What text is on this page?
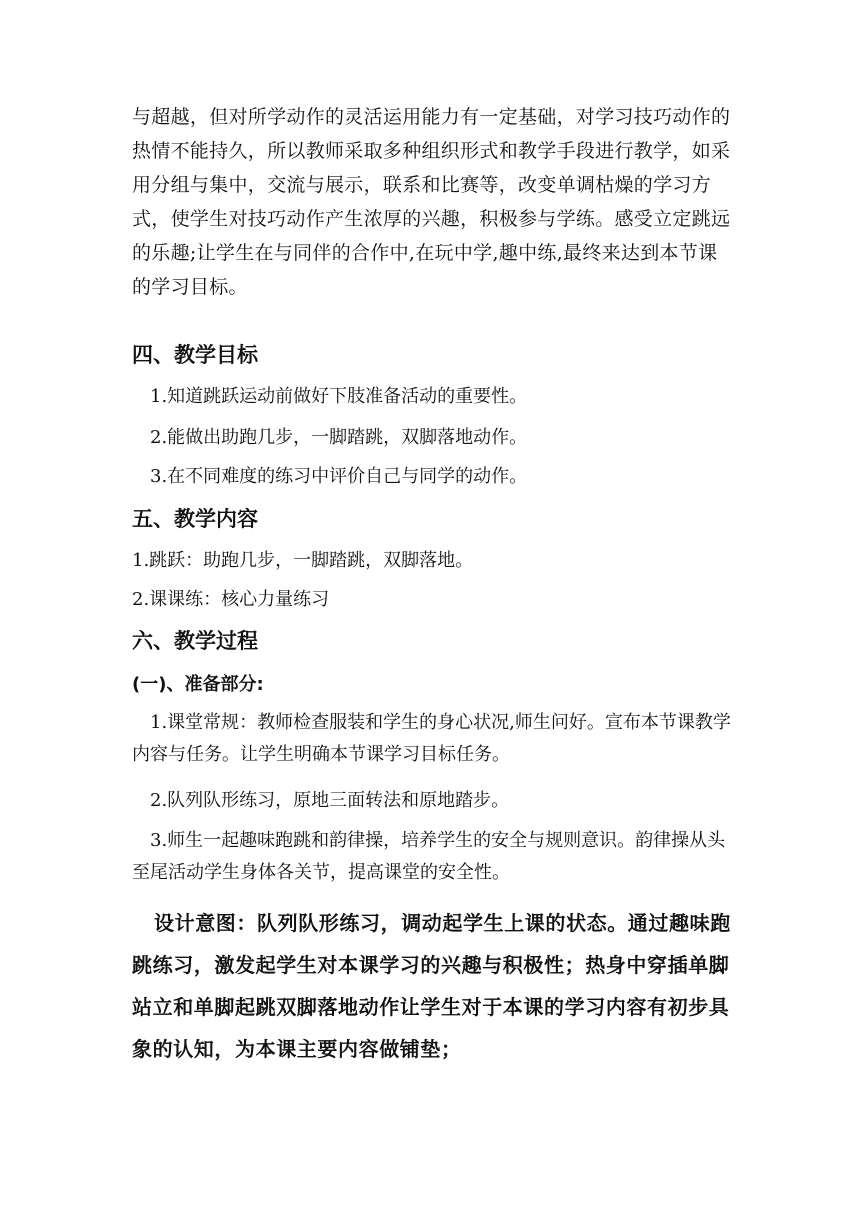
与超越，但对所学动作的灵活运用能力有一定基础，对学习技巧动作的热情不能持久，所以教师采取多种组织形式和教学手段进行教学，如采用分组与集中，交流与展示，联系和比赛等，改变单调枯燥的学习方式，使学生对技巧动作产生浓厚的兴趣，积极参与学练。感受立定跳远的乐趣;让学生在与同伴的合作中,在玩中学,趣中练,最终来达到本节课的学习目标。

四、教学目标
1.知道跳跃运动前做好下肢准备活动的重要性。
2.能做出助跑几步，一脚踏跳，双脚落地动作。
3.在不同难度的练习中评价自己与同学的动作。
五、教学内容
1.跳跃：助跑几步，一脚踏跳，双脚落地。
2.课课练：核心力量练习
六、教学过程
(一)、准备部分:

1.课堂常规：教师检查服装和学生的身心状况,师生问好。宣布本节课教学内容与任务。让学生明确本节课学习目标任务。

2.队列队形练习，原地三面转法和原地踏步。

3.师生一起趣味跑跳和韵律操，培养学生的安全与规则意识。韵律操从头至尾活动学生身体各关节，提高课堂的安全性。

设计意图：队列队形练习，调动起学生上课的状态。通过趣味跑跳练习，激发起学生对本课学习的兴趣与积极性；热身中穿插单脚站立和单脚起跳双脚落地动作让学生对于本课的学习内容有初步具象的认知，为本课主要内容做铺垫；
